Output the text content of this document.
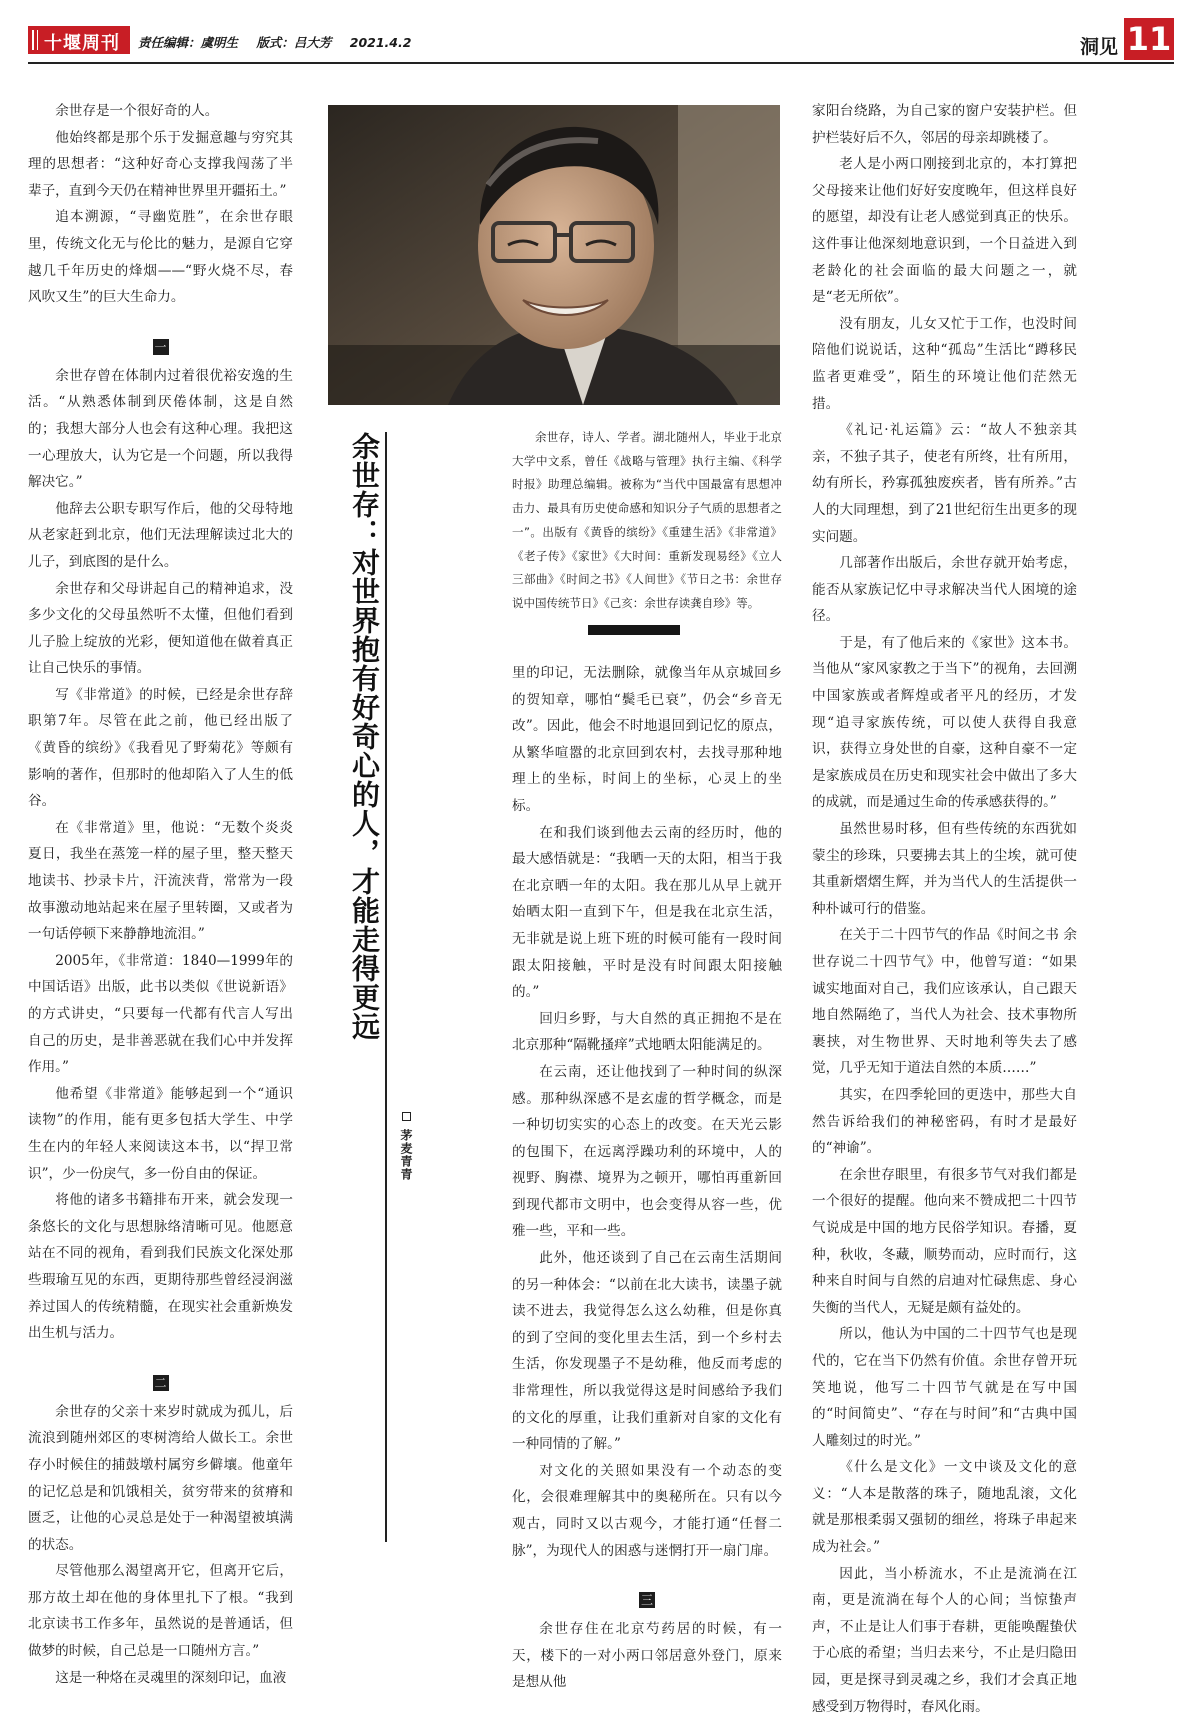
十堰周刊 责任编辑：虞明生 版式：吕大芳 2021.4.2	洞见 11

余世存是一个很好奇的人。

他始终都是那个乐于发掘意趣与穷究其理的思想者：“这种好奇心支撑我闯荡了半辈子，直到今天仍在精神世界里开疆拓土。”

追本溯源，“寻幽览胜”，在余世存眼里，传统文化无与伦比的魅力，是源自它穿越几千年历史的烽烟——“野火烧不尽，春风吹又生”的巨大生命力。

一

余世存曾在体制内过着很优裕安逸的生活。“从熟悉体制到厌倦体制，这是自然的；我想大部分人也会有这种心理。我把这一心理放大，认为它是一个问题，所以我得解决它。”

他辞去公职专职写作后，他的父母特地从老家赶到北京，他们无法理解读过北大的儿子，到底图的是什么。

余世存和父母讲起自己的精神追求，没多少文化的父母虽然听不太懂，但他们看到儿子脸上绽放的光彩，便知道他在做着真正让自己快乐的事情。

写《非常道》的时候，已经是余世存辞职第7年。尽管在此之前，他已经出版了《黄昏的缤纷》《我看见了野菊花》等颇有影响的著作，但那时的他却陷入了人生的低谷。

在《非常道》里，他说：“无数个炎炎夏日，我坐在蒸笼一样的屋子里，整天整天地读书、抄录卡片，汗流浃背，常常为一段故事激动地站起来在屋子里转圈，又或者为一句话停顿下来静静地流泪。”

2005年，《非常道：1840—1999年的中国话语》出版，此书以类似《世说新语》的方式讲史，“只要每一代都有代言人写出自己的历史，是非善恶就在我们心中并发挥作用。”

他希望《非常道》能够起到一个“通识读物”的作用，能有更多包括大学生、中学生在内的年轻人来阅读这本书，以“捍卫常识”，少一份戾气，多一份自由的保证。

将他的诸多书籍排布开来，就会发现一条悠长的文化与思想脉络清晰可见。他愿意站在不同的视角，看到我们民族文化深处那些瑕瑜互见的东西，更期待那些曾经浸润滋养过国人的传统精髓，在现实社会重新焕发出生机与活力。

二

余世存的父亲十来岁时就成为孤儿，后流浪到随州郊区的枣树湾给人做长工。余世存小时候住的捕鼓墩村属穷乡僻壤。他童年的记忆总是和饥饿相关，贫穷带来的贫瘠和匮乏，让他的心灵总是处于一种渴望被填满的状态。

尽管他那么渴望离开它，但离开它后，那方故土却在他的身体里扎下了根。“我到北京读书工作多年，虽然说的是普通话，但做梦的时候，自己总是一口随州方言。”

这是一种烙在灵魂里的深刻印记，血液

余世存：对世界抱有好奇心的人，才能走得更远
茅麦青青

余世存，诗人、学者。湖北随州人，毕业于北京大学中文系，曾任《战略与管理》执行主编、《科学时报》助理总编辑。被称为“当代中国最富有思想冲击力、最具有历史使命感和知识分子气质的思想者之一”。出版有《黄昏的缤纷》《重建生活》《非常道》《老子传》《家世》《大时间：重新发现易经》《立人三部曲》《时间之书》《人间世》《节日之书：余世存说中国传统节日》《己亥：余世存读龚自珍》等。

里的印记，无法删除，就像当年从京城回乡的贺知章，哪怕“鬓毛已衰”，仍会“乡音无改”。因此，他会不时地退回到记忆的原点，从繁华喧嚣的北京回到农村，去找寻那种地理上的坐标，时间上的坐标，心灵上的坐标。

在和我们谈到他去云南的经历时，他的最大感悟就是：“我晒一天的太阳，相当于我在北京晒一年的太阳。我在那儿从早上就开始晒太阳一直到下午，但是我在北京生活，无非就是说上班下班的时候可能有一段时间跟太阳接触，平时是没有时间跟太阳接触的。”

回归乡野，与大自然的真正拥抱不是在北京那种“隔靴搔痒”式地晒太阳能满足的。

在云南，还让他找到了一种时间的纵深感。那种纵深感不是玄虚的哲学概念，而是一种切切实实的心态上的改变。在天光云影的包围下，在远离浮躁功利的环境中，人的视野、胸襟、境界为之顿开，哪怕再重新回到现代都市文明中，也会变得从容一些，优雅一些，平和一些。

此外，他还谈到了自己在云南生活期间的另一种体会：“以前在北大读书，读墨子就读不进去，我觉得怎么这么幼稚，但是你真的到了空间的变化里去生活，到一个乡村去生活，你发现墨子不是幼稚，他反而考虑的非常理性，所以我觉得这是时间感给予我们的文化的厚重，让我们重新对自家的文化有一种同情的了解。”

对文化的关照如果没有一个动态的变化，会很难理解其中的奥秘所在。只有以今观古，同时又以古观今，才能打通“任督二脉”，为现代人的困惑与迷惘打开一扇门扉。

三

余世存住在北京芍药居的时候，有一天，楼下的一对小两口邻居意外登门，原来是想从他

家阳台绕路，为自己家的窗户安装护栏。但护栏装好后不久，邻居的母亲却跳楼了。

老人是小两口刚接到北京的，本打算把父母接来让他们好好安度晚年，但这样良好的愿望，却没有让老人感觉到真正的快乐。这件事让他深刻地意识到，一个日益进入到老龄化的社会面临的最大问题之一，就是“老无所依”。

没有朋友，儿女又忙于工作，也没时间陪他们说说话，这种“孤岛”生活比“蹲移民监者更难受”，陌生的环境让他们茫然无措。

《礼记·礼运篇》云：“故人不独亲其亲，不独子其子，使老有所终，壮有所用，幼有所长，矜寡孤独废疾者，皆有所养。”古人的大同理想，到了21世纪衍生出更多的现实问题。

几部著作出版后，余世存就开始考虑，能否从家族记忆中寻求解决当代人困境的途径。

于是，有了他后来的《家世》这本书。当他从“家风家教之于当下”的视角，去回溯中国家族或者辉煌或者平凡的经历，才发现“追寻家族传统，可以使人获得自我意识，获得立身处世的自豪，这种自豪不一定是家族成员在历史和现实社会中做出了多大的成就，而是通过生命的传承感获得的。”

虽然世易时移，但有些传统的东西犹如蒙尘的珍珠，只要拂去其上的尘埃，就可使其重新熠熠生辉，并为当代人的生活提供一种朴诚可行的借鉴。

在关于二十四节气的作品《时间之书 余世存说二十四节气》中，他曾写道：“如果诚实地面对自己，我们应该承认，自己跟天地自然隔绝了，当代人为社会、技术事物所裹挟，对生物世界、天时地利等失去了感觉，几乎无知于道法自然的本质……”

其实，在四季轮回的更迭中，那些大自然告诉给我们的神秘密码，有时才是最好的“神谕”。

在余世存眼里，有很多节气对我们都是一个很好的提醒。他向来不赞成把二十四节气说成是中国的地方民俗学知识。春播，夏种，秋收，冬藏，顺势而动，应时而行，这种来自时间与自然的启迪对忙碌焦虑、身心失衡的当代人，无疑是颇有益处的。

所以，他认为中国的二十四节气也是现代的，它在当下仍然有价值。余世存曾开玩笑地说，他写二十四节气就是在写中国的“时间简史”、“存在与时间”和“古典中国人雕刻过的时光。”

《什么是文化》一文中谈及文化的意义：“人本是散落的珠子，随地乱滚，文化就是那根柔弱又强韧的细丝，将珠子串起来成为社会。”

因此，当小桥流水，不止是流淌在江南，更是流淌在每个人的心间；当惊蛰声声，不止是让人们事于春耕，更能唤醒蛰伏于心底的希望；当归去来兮，不止是归隐田园，更是探寻到灵魂之乡，我们才会真正地感受到万物得时，春风化雨。
